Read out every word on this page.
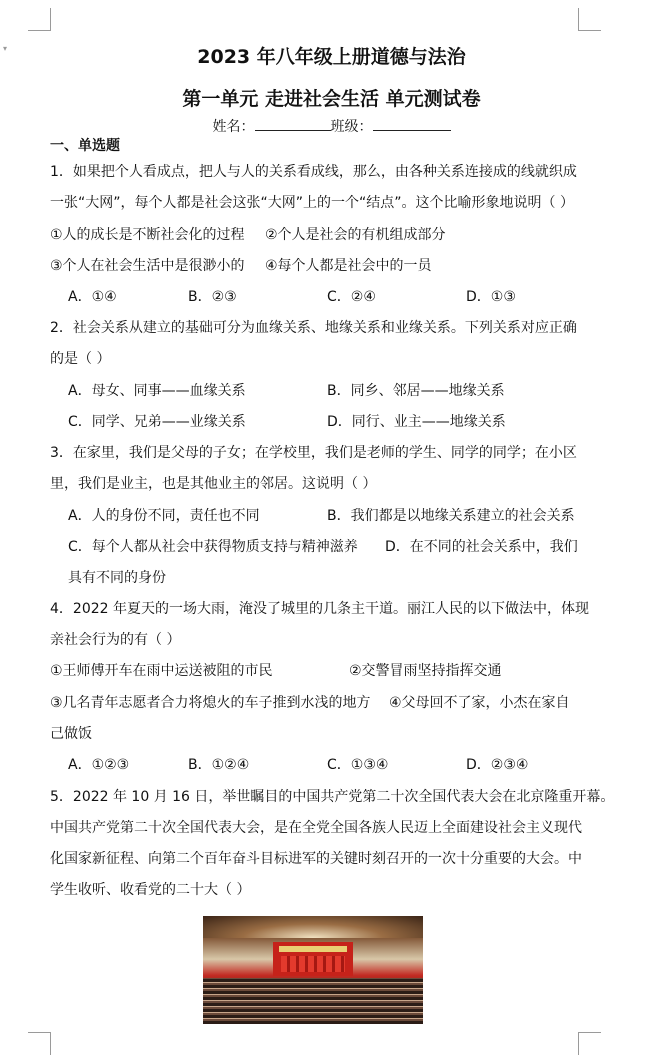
▾	2023 年八年级上册道德与法治
第一单元 走进社会生活 单元测试卷
姓名：	班级：
一、单选题
1．如果把个人看成点，把人与人的关系看成线，那么，由各种关系连接成的线就织成
一张“大网”，每个人都是社会这张“大网”上的一个“结点”。这个比喻形象地说明（ ）
①人的成长是不断社会化的过程 ②个人是社会的有机组成部分
③个人在社会生活中是很渺小的 ④每个人都是社会中的一员
A．①④	B．②③	C．②④	D．①③
2．社会关系从建立的基础可分为血缘关系、地缘关系和业缘关系。下列关系对应正确
的是（ ）
A．母女、同事——血缘关系	B．同乡、邻居——地缘关系
C．同学、兄弟——业缘关系	D．同行、业主——地缘关系
3．在家里，我们是父母的子女；在学校里，我们是老师的学生、同学的同学；在小区
里，我们是业主，也是其他业主的邻居。这说明（ ）
A．人的身份不同，责任也不同	B．我们都是以地缘关系建立的社会关系
C．每个人都从社会中获得物质支持与精神滋养 D．在不同的社会关系中，我们
具有不同的身份
4．2022 年夏天的一场大雨，淹没了城里的几条主干道。丽江人民的以下做法中，体现
亲社会行为的有（ ）
①王师傅开车在雨中运送被阻的市民	②交警冒雨坚持指挥交通
③几名青年志愿者合力将熄火的车子推到水浅的地方 ④父母回不了家，小杰在家自
己做饭
A．①②③	B．①②④	C．①③④	D．②③④
5．2022 年 10 月 16 日，举世瞩目的中国共产党第二十次全国代表大会在北京隆重开幕。
中国共产党第二十次全国代表大会，是在全党全国各族人民迈上全面建设社会主义现代
化国家新征程、向第二个百年奋斗目标进军的关键时刻召开的一次十分重要的大会。中
学生收听、收看党的二十大（ ）
